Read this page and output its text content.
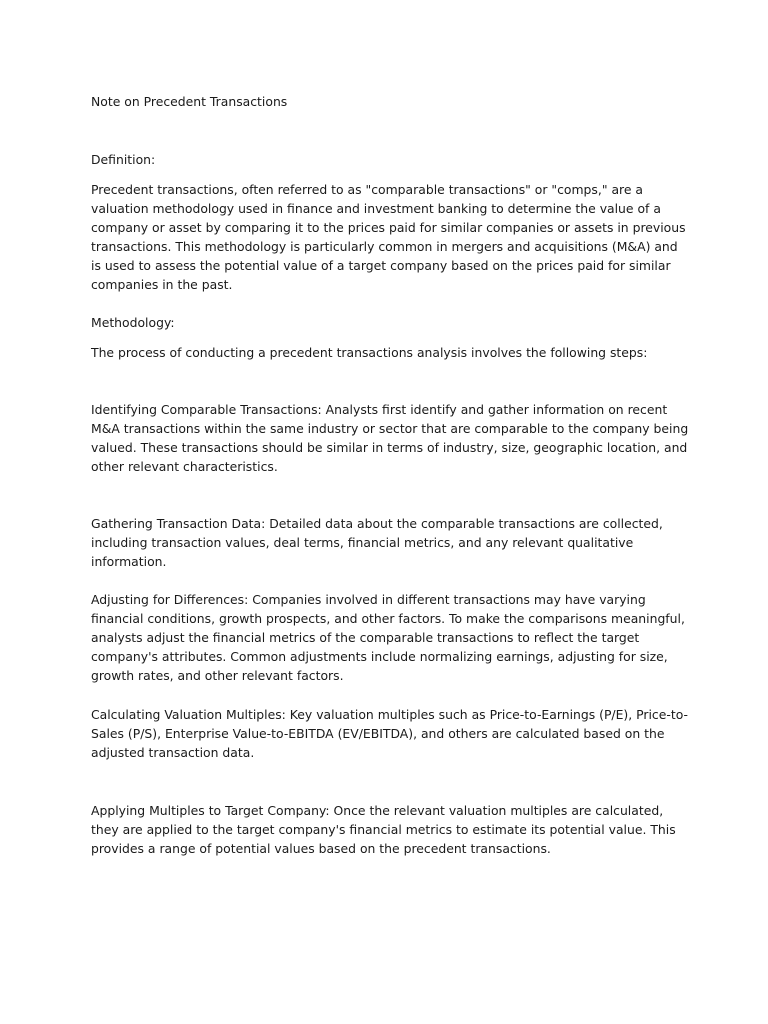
Note on Precedent Transactions

Definition:

Precedent transactions, often referred to as "comparable transactions" or "comps," are a valuation methodology used in finance and investment banking to determine the value of a company or asset by comparing it to the prices paid for similar companies or assets in previous transactions. This methodology is particularly common in mergers and acquisitions (M&A) and is used to assess the potential value of a target company based on the prices paid for similar companies in the past.

Methodology:

The process of conducting a precedent transactions analysis involves the following steps:

Identifying Comparable Transactions: Analysts first identify and gather information on recent M&A transactions within the same industry or sector that are comparable to the company being valued. These transactions should be similar in terms of industry, size, geographic location, and other relevant characteristics.

Gathering Transaction Data: Detailed data about the comparable transactions are collected, including transaction values, deal terms, financial metrics, and any relevant qualitative information.

Adjusting for Differences: Companies involved in different transactions may have varying financial conditions, growth prospects, and other factors. To make the comparisons meaningful, analysts adjust the financial metrics of the comparable transactions to reflect the target company's attributes. Common adjustments include normalizing earnings, adjusting for size, growth rates, and other relevant factors.

Calculating Valuation Multiples: Key valuation multiples such as Price-to-Earnings (P/E), Price-to-Sales (P/S), Enterprise Value-to-EBITDA (EV/EBITDA), and others are calculated based on the adjusted transaction data.

Applying Multiples to Target Company: Once the relevant valuation multiples are calculated, they are applied to the target company's financial metrics to estimate its potential value. This provides a range of potential values based on the precedent transactions.
